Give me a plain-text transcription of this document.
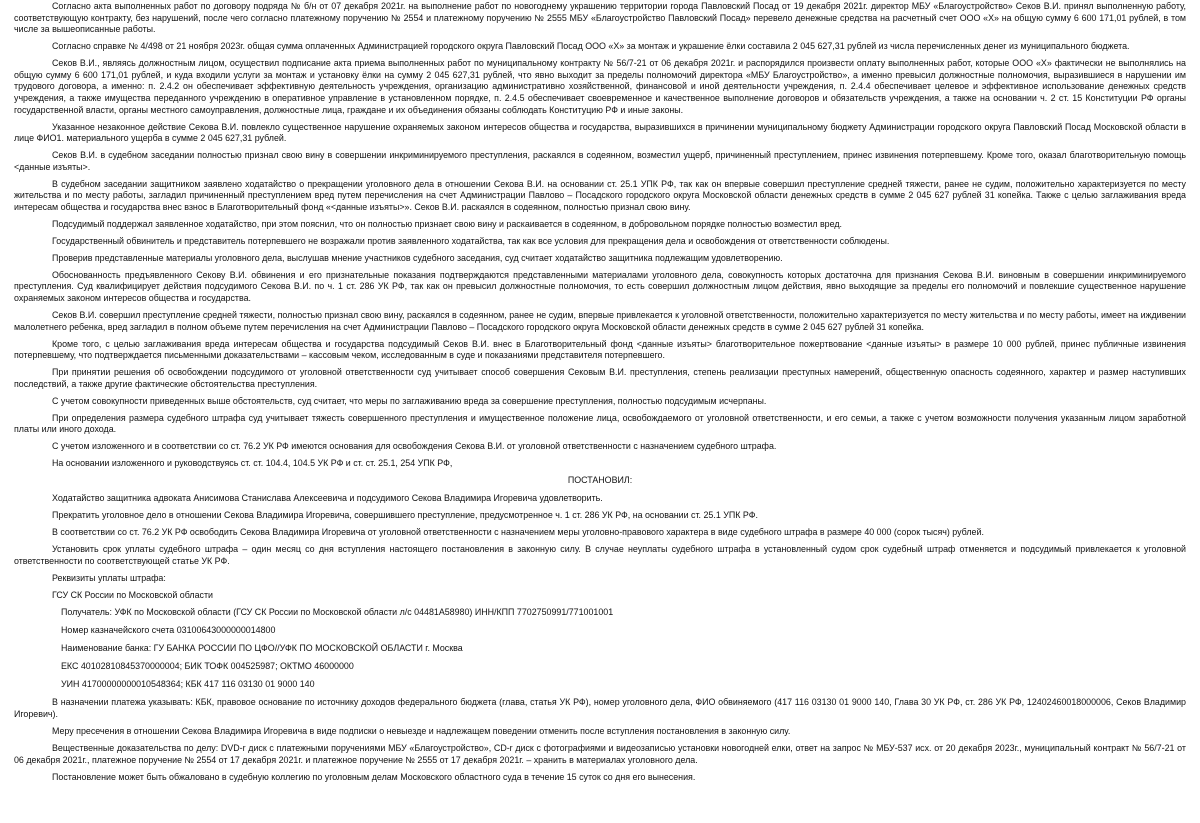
Согласно акта выполненных работ по договору подряда № б/н от 07 декабря 2021г. на выполнение работ по новогоднему украшению территории города Павловский Посад от 19 декабря 2021г. директор МБУ «Благоустройство» Секов В.И. принял выполненную работу, соответствующую контракту, без нарушений, после чего согласно платежному поручению № 2554 и платежному поручению № 2555 МБУ «Благоустройство Павловский Посад» перевело денежные средства на расчетный счет ООО «Х» на общую сумму 6 600 171,01 рублей, в том числе за вышеописанные работы.

Согласно справке № 4/498 от 21 ноября 2023г. общая сумма оплаченных Администрацией городского округа Павловский Посад ООО «Х» за монтаж и украшение ёлки составила 2 045 627,31 рублей из числа перечисленных денег из муниципального бюджета.

Секов В.И., являясь должностным лицом, осуществил подписание акта приема выполненных работ по муниципальному контракту № 56/7-21 от 06 декабря 2021г. и распорядился произвести оплату выполненных работ, которые ООО «Х» фактически не выполнялись на общую сумму 6 600 171,01 рублей, и куда входили услуги за монтаж и установку ёлки на сумму 2 045 627,31 рублей, что явно выходит за пределы полномочий директора «МБУ Благоустройство», а именно превысил должностные полномочия, выразившиеся в нарушении им трудового договора, а именно: п. 2.4.2 он обеспечивает эффективную деятельность учреждения, организацию административно хозяйственной, финансовой и иной деятельности учреждения, п. 2.4.4 обеспечивает целевое и эффективное использование денежных средств учреждения, а также имущества переданного учреждению в оперативное управление в установленном порядке, п. 2.4.5 обеспечивает своевременное и качественное выполнение договоров и обязательств учреждения, а также на основании ч. 2 ст. 15 Конституции РФ органы государственной власти, органы местного самоуправления, должностные лица, граждане и их объединения обязаны соблюдать Конституцию РФ и иные законы.

Указанное незаконное действие Секова В.И. повлекло существенное нарушение охраняемых законом интересов общества и государства, выразившихся в причинении муниципальному бюджету Администрации городского округа Павловский Посад Московской области в лице ФИО1. материального ущерба в сумме 2 045 627,31 рублей.

Секов В.И. в судебном заседании полностью признал свою вину в совершении инкриминируемого преступления, раскаялся в содеянном, возместил ущерб, причиненный преступлением, принес извинения потерпевшему. Кроме того, оказал благотворительную помощь <данные изъяты>.

В судебном заседании защитником заявлено ходатайство о прекращении уголовного дела в отношении Секова В.И. на основании ст. 25.1 УПК РФ, так как он впервые совершил преступление средней тяжести, ранее не судим, положительно характеризуется по месту жительства и по месту работы, загладил причиненный преступлением вред путем перечисления на счет Администрации Павлово – Посадского городского округа Московской области денежных средств в сумме 2 045 627 рублей 31 копейка. Также с целью заглаживания вреда интересам общества и государства внес взнос в Благотворительный фонд «<данные изъяты>». Секов В.И. раскаялся в содеянном, полностью признал свою вину.

Подсудимый поддержал заявленное ходатайство, при этом пояснил, что он полностью признает свою вину и раскаивается в содеянном, в добровольном порядке полностью возместил вред.

Государственный обвинитель и представитель потерпевшего не возражали против заявленного ходатайства, так как все условия для прекращения дела и освобождения от ответственности соблюдены.

Проверив представленные материалы уголовного дела, выслушав мнение участников судебного заседания, суд считает ходатайство защитника подлежащим удовлетворению.

Обоснованность предъявленного Секову В.И. обвинения и его признательные показания подтверждаются представленными материалами уголовного дела, совокупность которых достаточна для признания Секова В.И. виновным в совершении инкриминируемого преступления. Суд квалифицирует действия подсудимого Секова В.И. по ч. 1 ст. 286 УК РФ, так как он превысил должностные полномочия, то есть совершил должностным лицом действия, явно выходящие за пределы его полномочий и повлекшие существенное нарушение охраняемых законом интересов общества и государства.

Секов В.И. совершил преступление средней тяжести, полностью признал свою вину, раскаялся в содеянном, ранее не судим, впервые привлекается к уголовной ответственности, положительно характеризуется по месту жительства и по месту работы, имеет на иждивении малолетнего ребенка, вред загладил в полном объеме путем перечисления на счет Администрации Павлово – Посадского городского округа Московской области денежных средств в сумме 2 045 627 рублей 31 копейка.

Кроме того, с целью заглаживания вреда интересам общества и государства подсудимый Секов В.И. внес в Благотворительный фонд <данные изъяты> благотворительное пожертвование <данные изъяты> в размере 10 000 рублей, принес публичные извинения потерпевшему, что подтверждается письменными доказательствами – кассовым чеком, исследованным в суде и показаниями представителя потерпевшего.

При принятии решения об освобождении подсудимого от уголовной ответственности суд учитывает способ совершения Сековым В.И. преступления, степень реализации преступных намерений, общественную опасность содеянного, характер и размер наступивших последствий, а также другие фактические обстоятельства преступления.

С учетом совокупности приведенных выше обстоятельств, суд считает, что меры по заглаживанию вреда за совершение преступления, полностью подсудимым исчерпаны.

При определения размера судебного штрафа суд учитывает тяжесть совершенного преступления и имущественное положение лица, освобождаемого от уголовной ответственности, и его семьи, а также с учетом возможности получения указанным лицом заработной платы или иного дохода.

С учетом изложенного и в соответствии со ст. 76.2 УК РФ имеются основания для освобождения Секова В.И. от уголовной ответственности с назначением судебного штрафа.

На основании изложенного и руководствуясь ст. ст. 104.4, 104.5 УК РФ и ст. ст. 25.1, 254 УПК РФ,

ПОСТАНОВИЛ:

Ходатайство защитника адвоката Анисимова Станислава Алексеевича и подсудимого Секова Владимира Игоревича удовлетворить.

Прекратить уголовное дело в отношении Секова Владимира Игоревича, совершившего преступление, предусмотренное ч. 1 ст. 286 УК РФ, на основании ст. 25.1 УПК РФ.

В соответствии со ст. 76.2 УК РФ освободить Секова Владимира Игоревича от уголовной ответственности с назначением меры уголовно-правового характера в виде судебного штрафа в размере 40 000 (сорок тысяч) рублей.

Установить срок уплаты судебного штрафа – один месяц со дня вступления настоящего постановления в законную силу. В случае неуплаты судебного штрафа в установленный судом срок судебный штраф отменяется и подсудимый привлекается к уголовной ответственности по соответствующей статье УК РФ.

Реквизиты уплаты штрафа:

ГСУ СК России по Московской области

Получатель: УФК по Московской области (ГСУ СК России по Московской области л/с 04481А58980) ИНН/КПП 7702750991/771001001

Номер казначейского счета 03100643000000014800

Наименование банка: ГУ БАНКА РОССИИ ПО ЦФО//УФК ПО МОСКОВСКОЙ ОБЛАСТИ г. Москва

ЕКС 40102810845370000004; БИК ТОФК 004525987; ОКТМО 46000000

УИН 41700000000010548364; КБК 417 116 03130 01 9000 140

В назначении платежа указывать: КБК, правовое основание по источнику доходов федерального бюджета (глава, статья УК РФ), номер уголовного дела, ФИО обвиняемого (417 116 03130 01 9000 140, Глава 30 УК РФ, ст. 286 УК РФ, 12402460018000006, Секов Владимир Игоревич).

Меру пресечения в отношении Секова Владимира Игоревича в виде подписки о невыезде и надлежащем поведении отменить после вступления постановления в законную силу.

Вещественные доказательства по делу: DVD-r диск с платежными поручениями МБУ «Благоустройство», CD-r диск с фотографиями и видеозаписью установки новогодней елки, ответ на запрос № МБУ-537 исх. от 20 декабря 2023г., муниципальный контракт № 56/7-21 от 06 декабря 2021г., платежное поручение № 2554 от 17 декабря 2021г. и платежное поручение № 2555 от 17 декабря 2021г. – хранить в материалах уголовного дела.

Постановление может быть обжаловано в судебную коллегию по уголовным делам Московского областного суда в течение 15 суток со дня его вынесения.
